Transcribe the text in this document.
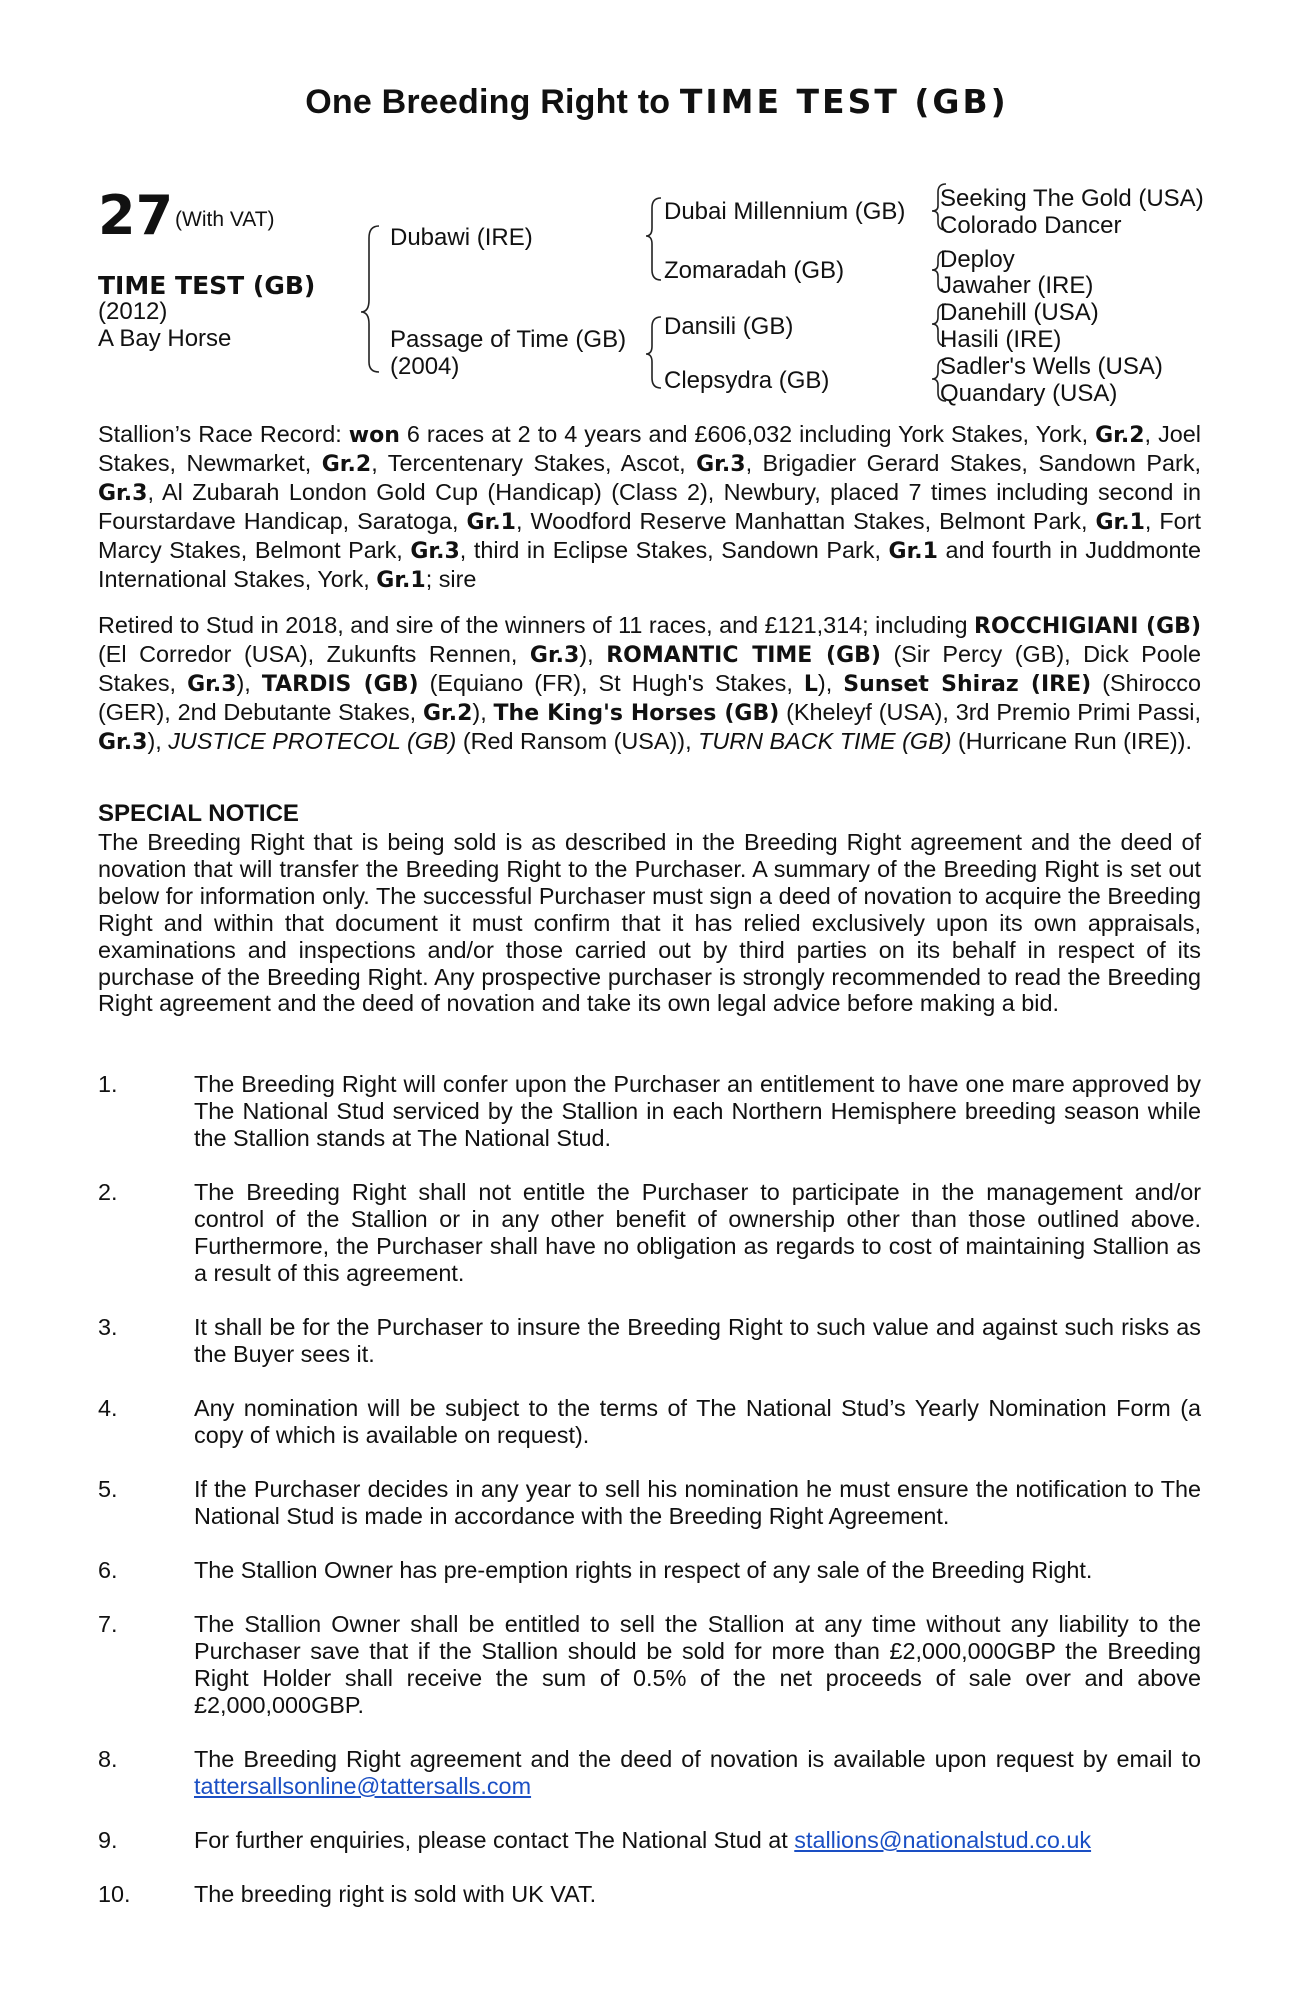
One Breeding Right to TIME TEST (GB)
27 (With VAT)
TIME TEST (GB)
(2012)
A Bay Horse
Dubawi (IRE)
Passage of Time (GB)
(2004)
Dubai Millennium (GB)
Zomaradah (GB)
Dansili (GB)
Clepsydra (GB)
Seeking The Gold (USA)
Colorado Dancer
Deploy
Jawaher (IRE)
Danehill (USA)
Hasili (IRE)
Sadler's Wells (USA)
Quandary (USA)
Stallion’s Race Record: won 6 races at 2 to 4 years and £606,032 including York Stakes, York, Gr.2, Joel Stakes, Newmarket, Gr.2, Tercentenary Stakes, Ascot, Gr.3, Brigadier Gerard Stakes, Sandown Park, Gr.3, Al Zubarah London Gold Cup (Handicap) (Class 2), Newbury, placed 7 times including second in Fourstardave Handicap, Saratoga, Gr.1, Woodford Reserve Manhattan Stakes, Belmont Park, Gr.1, Fort Marcy Stakes, Belmont Park, Gr.3, third in Eclipse Stakes, Sandown Park, Gr.1 and fourth in Juddmonte International Stakes, York, Gr.1; sire
Retired to Stud in 2018, and sire of the winners of 11 races, and £121,314; including ROCCHIGIANI (GB) (El Corredor (USA), Zukunfts Rennen, Gr.3), ROMANTIC TIME (GB) (Sir Percy (GB), Dick Poole Stakes, Gr.3), TARDIS (GB) (Equiano (FR), St Hugh's Stakes, L), Sunset Shiraz (IRE) (Shirocco (GER), 2nd Debutante Stakes, Gr.2), The King's Horses (GB) (Kheleyf (USA), 3rd Premio Primi Passi, Gr.3), JUSTICE PROTECOL (GB) (Red Ransom (USA)), TURN BACK TIME (GB) (Hurricane Run (IRE)).
SPECIAL NOTICE
The Breeding Right that is being sold is as described in the Breeding Right agreement and the deed of novation that will transfer the Breeding Right to the Purchaser. A summary of the Breeding Right is set out below for information only. The successful Purchaser must sign a deed of novation to acquire the Breeding Right and within that document it must confirm that it has relied exclusively upon its own appraisals, examinations and inspections and/or those carried out by third parties on its behalf in respect of its purchase of the Breeding Right. Any prospective purchaser is strongly recommended to read the Breeding Right agreement and the deed of novation and take its own legal advice before making a bid.
1.	The Breeding Right will confer upon the Purchaser an entitlement to have one mare approved by The National Stud serviced by the Stallion in each Northern Hemisphere breeding season while the Stallion stands at The National Stud.
2.	The Breeding Right shall not entitle the Purchaser to participate in the management and/or control of the Stallion or in any other benefit of ownership other than those outlined above. Furthermore, the Purchaser shall have no obligation as regards to cost of maintaining Stallion as a result of this agreement.
3.	It shall be for the Purchaser to insure the Breeding Right to such value and against such risks as the Buyer sees it.
4.	Any nomination will be subject to the terms of The National Stud’s Yearly Nomination Form (a copy of which is available on request).
5.	If the Purchaser decides in any year to sell his nomination he must ensure the notification to The National Stud is made in accordance with the Breeding Right Agreement.
6.	The Stallion Owner has pre-emption rights in respect of any sale of the Breeding Right.
7.	The Stallion Owner shall be entitled to sell the Stallion at any time without any liability to the Purchaser save that if the Stallion should be sold for more than £2,000,000GBP the Breeding Right Holder shall receive the sum of 0.5% of the net proceeds of sale over and above £2,000,000GBP.
8.	The Breeding Right agreement and the deed of novation is available upon request by email to tattersallsonline@tattersalls.com
9.	For further enquiries, please contact The National Stud at stallions@nationalstud.co.uk
10.	The breeding right is sold with UK VAT.
